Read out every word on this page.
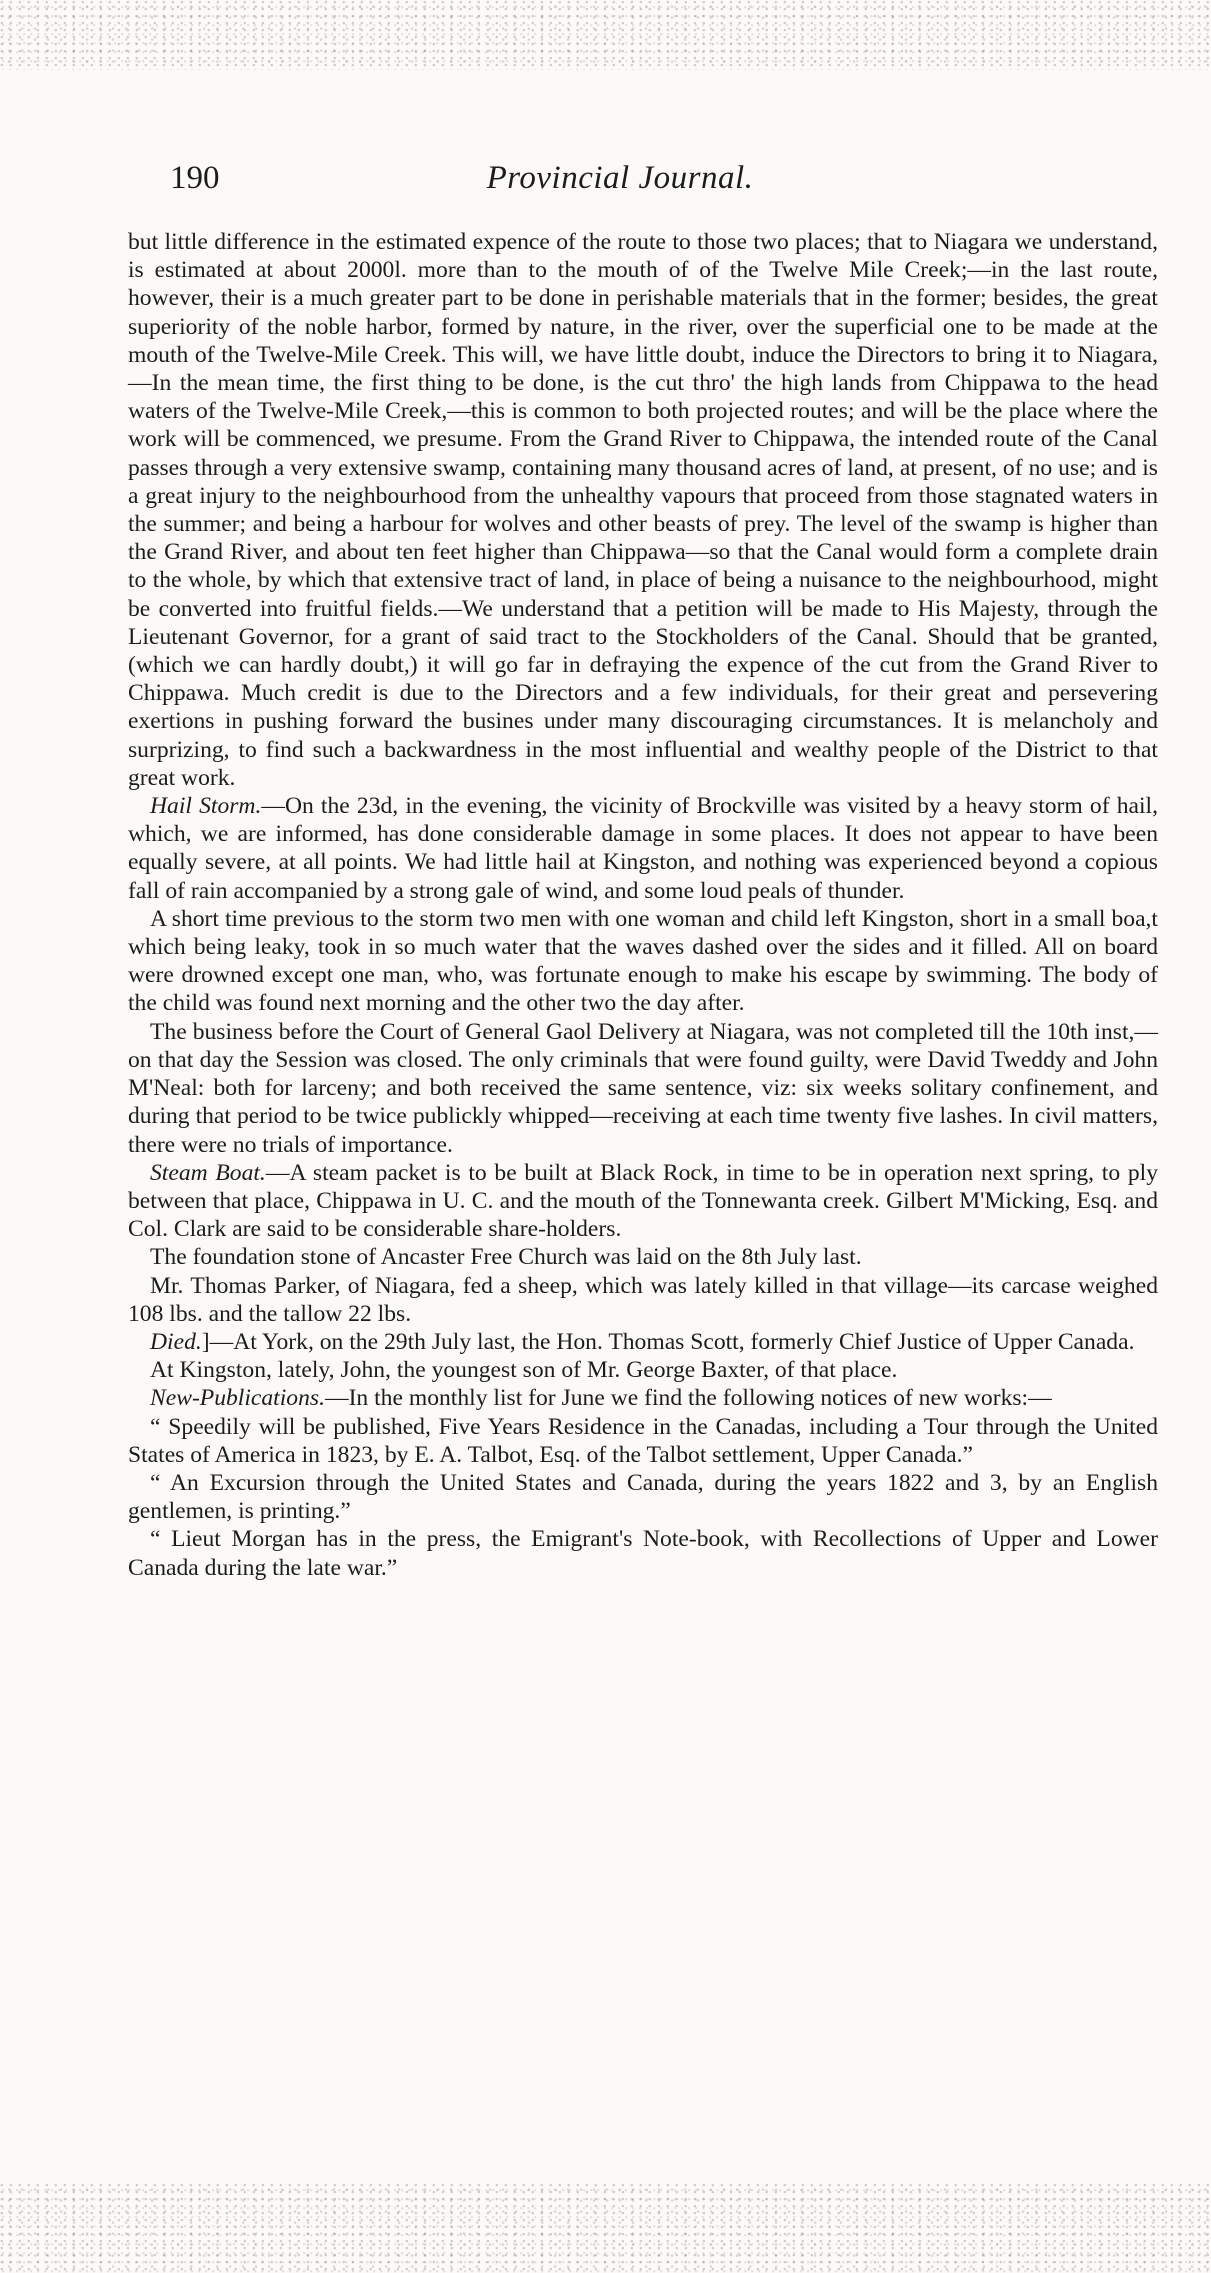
190	Provincial Journal.

but little difference in the estimated expence of the route to those two places; that to Niagara we understand, is estimated at about 2000l. more than to the mouth of of the Twelve Mile Creek;—in the last route, however, their is a much greater part to be done in perishable materials that in the former; besides, the great superiority of the noble harbor, formed by nature, in the river, over the superficial one to be made at the mouth of the Twelve-Mile Creek. This will, we have little doubt, induce the Directors to bring it to Niagara,—In the mean time, the first thing to be done, is the cut thro' the high lands from Chippawa to the head waters of the Twelve-Mile Creek,—this is common to both projected routes; and will be the place where the work will be commenced, we presume. From the Grand River to Chippawa, the intended route of the Canal passes through a very extensive swamp, containing many thousand acres of land, at present, of no use; and is a great injury to the neighbourhood from the unhealthy vapours that proceed from those stagnated waters in the summer; and being a harbour for wolves and other beasts of prey. The level of the swamp is higher than the Grand River, and about ten feet higher than Chippawa—so that the Canal would form a complete drain to the whole, by which that extensive tract of land, in place of being a nuisance to the neighbourhood, might be converted into fruitful fields.—We understand that a petition will be made to His Majesty, through the Lieutenant Governor, for a grant of said tract to the Stockholders of the Canal. Should that be granted, (which we can hardly doubt,) it will go far in defraying the expence of the cut from the Grand River to Chippawa. Much credit is due to the Directors and a few individuals, for their great and persevering exertions in pushing forward the busines under many discouraging circumstances. It is melancholy and surprizing, to find such a backwardness in the most influential and wealthy people of the District to that great work.

Hail Storm.—On the 23d, in the evening, the vicinity of Brockville was visited by a heavy storm of hail, which, we are informed, has done considerable damage in some places. It does not appear to have been equally severe, at all points. We had little hail at Kingston, and nothing was experienced beyond a copious fall of rain accompanied by a strong gale of wind, and some loud peals of thunder.

A short time previous to the storm two men with one woman and child left Kingston, short in a small boa,t which being leaky, took in so much water that the waves dashed over the sides and it filled. All on board were drowned except one man, who, was fortunate enough to make his escape by swimming. The body of the child was found next morning and the other two the day after.

The business before the Court of General Gaol Delivery at Niagara, was not completed till the 10th inst,—on that day the Session was closed. The only criminals that were found guilty, were David Tweddy and John M'Neal: both for larceny; and both received the same sentence, viz: six weeks solitary confinement, and during that period to be twice publickly whipped—receiving at each time twenty five lashes. In civil matters, there were no trials of importance.

Steam Boat.—A steam packet is to be built at Black Rock, in time to be in operation next spring, to ply between that place, Chippawa in U. C. and the mouth of the Tonnewanta creek. Gilbert M'Micking, Esq. and Col. Clark are said to be considerable share-holders.

The foundation stone of Ancaster Free Church was laid on the 8th July last.

Mr. Thomas Parker, of Niagara, fed a sheep, which was lately killed in that village—its carcase weighed 108 lbs. and the tallow 22 lbs.

Died.]—At York, on the 29th July last, the Hon. Thomas Scott, formerly Chief Justice of Upper Canada.

At Kingston, lately, John, the youngest son of Mr. George Baxter, of that place.

New-Publications.—In the monthly list for June we find the following notices of new works:—

“ Speedily will be published, Five Years Residence in the Canadas, including a Tour through the United States of America in 1823, by E. A. Talbot, Esq. of the Talbot settlement, Upper Canada.”

“ An Excursion through the United States and Canada, during the years 1822 and 3, by an English gentlemen, is printing.”

“ Lieut Morgan has in the press, the Emigrant's Note-book, with Recollections of Upper and Lower Canada during the late war.”
